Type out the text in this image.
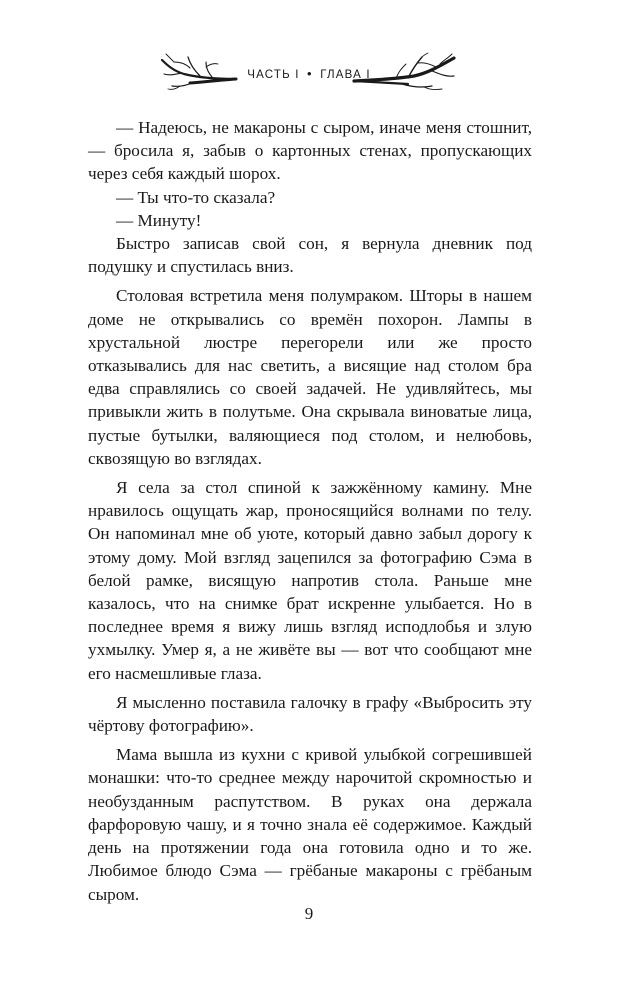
ЧАСТЬ I • ГЛАВА I

— Надеюсь, не макароны с сыром, иначе меня стошнит, — бросила я, забыв о картонных стенах, пропускающих через себя каждый шорох.

— Ты что-то сказала?

— Минуту!

Быстро записав свой сон, я вернула дневник под подушку и спустилась вниз.

Столовая встретила меня полумраком. Шторы в нашем доме не открывались со времён похорон. Лампы в хрустальной люстре перегорели или же просто отказывались для нас светить, а висящие над столом бра едва справлялись со своей задачей. Не удивляйтесь, мы привыкли жить в полутьме. Она скрывала виноватые лица, пустые бутылки, валяющиеся под столом, и нелюбовь, сквозящую во взглядах.

Я села за стол спиной к зажжённому камину. Мне нравилось ощущать жар, проносящийся волнами по телу. Он напоминал мне об уюте, который давно забыл дорогу к этому дому. Мой взгляд зацепился за фотографию Сэма в белой рамке, висящую напротив стола. Раньше мне казалось, что на снимке брат искренне улыбается. Но в последнее время я вижу лишь взгляд исподлобья и злую ухмылку. Умер я, а не живёте вы — вот что сообщают мне его насмешливые глаза.

Я мысленно поставила галочку в графу «Выбросить эту чёртову фотографию».

Мама вышла из кухни с кривой улыбкой согрешившей монашки: что-то среднее между нарочитой скромностью и необузданным распутством. В руках она держала фарфоровую чашу, и я точно знала её содержимое. Каждый день на протяжении года она готовила одно и то же. Любимое блюдо Сэма — грёбаные макароны с грёбаным сыром.

9
